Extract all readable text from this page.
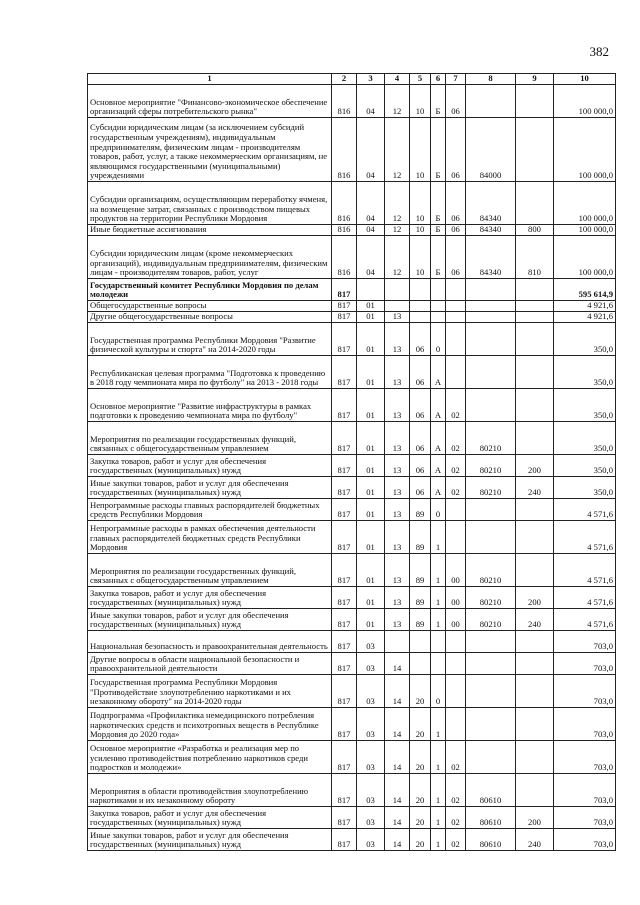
382
1	2	3	4	5	6	7	8	9	10
Основное мероприятие "Финансово-экономическое обеспечение организаций сферы потребительского рынка"	816	04	12	10	Б	06			100 000,0
Субсидии юридическим лицам (за исключением субсидий государственным учреждениям), индивидуальным предпринимателям, физическим лицам - производителям товаров, работ, услуг, а также некоммерческим организациям, не являющимся государственными (муниципальными) учреждениями	816	04	12	10	Б	06	84000		100 000,0
Субсидии организациям, осуществляющим переработку ячменя, на возмещение затрат, связанных с производством пищевых продуктов на территории Республики Мордовия	816	04	12	10	Б	06	84340		100 000,0
Иные бюджетные ассигнования	816	04	12	10	Б	06	84340	800	100 000,0
Субсидии юридическим лицам (кроме некоммерческих организаций), индивидуальным предпринимателям, физическим лицам - производителям товаров, работ, услуг	816	04	12	10	Б	06	84340	810	100 000,0
Государственный комитет Республики Мордовия по делам молодежи	817								595 614,9
Общегосударственные вопросы	817	01							4 921,6
Другие общегосударственные вопросы	817	01	13						4 921,6
Государственная программа Республики Мордовия "Развитие физической культуры и спорта" на 2014-2020 годы	817	01	13	06	0				350,0
Республиканская целевая программа "Подготовка к проведению в 2018 году чемпионата мира по футболу" на 2013 - 2018 годы	817	01	13	06	А				350,0
Основное мероприятие "Развитие инфраструктуры в рамках подготовки к проведению чемпионата мира по футболу"	817	01	13	06	А	02			350,0
Мероприятия по реализации государственных функций, связанных с общегосударственным управлением	817	01	13	06	А	02	80210		350,0
Закупка товаров, работ и услуг для обеспечения государственных (муниципальных) нужд	817	01	13	06	А	02	80210	200	350,0
Иные закупки товаров, работ и услуг для обеспечения государственных (муниципальных) нужд	817	01	13	06	А	02	80210	240	350,0
Непрограммные расходы главных распорядителей бюджетных средств Республики Мордовия	817	01	13	89	0				4 571,6
Непрограммные расходы в рамках обеспечения деятельности главных распорядителей бюджетных средств Республики Мордовия	817	01	13	89	1				4 571,6
Мероприятия по реализации государственных функций, связанных с общегосударственным управлением	817	01	13	89	1	00	80210		4 571,6
Закупка товаров, работ и услуг для обеспечения государственных (муниципальных) нужд	817	01	13	89	1	00	80210	200	4 571,6
Иные закупки товаров, работ и услуг для обеспечения государственных (муниципальных) нужд	817	01	13	89	1	00	80210	240	4 571,6
Национальная безопасность и правоохранительная деятельность	817	03							703,0
Другие вопросы в области национальной безопасности и правоохранительной деятельности	817	03	14						703,0
Государственная программа Республики Мордовия "Противодействие злоупотреблению наркотиками и их незаконному обороту" на 2014-2020 годы	817	03	14	20	0				703,0
Подпрограмма «Профилактика немедицинского потребления наркотических средств и психотропных веществ в Республике Мордовия до 2020 года»	817	03	14	20	1				703,0
Основное мероприятие «Разработка и реализация мер по усилению противодействия потреблению наркотиков среди подростков и молодежи»	817	03	14	20	1	02			703,0
Мероприятия в области противодействия злоупотреблению наркотиками и их незаконному обороту	817	03	14	20	1	02	80610		703,0
Закупка товаров, работ и услуг для обеспечения государственных (муниципальных) нужд	817	03	14	20	1	02	80610	200	703,0
Иные закупки товаров, работ и услуг для обеспечения государственных (муниципальных) нужд	817	03	14	20	1	02	80610	240	703,0
